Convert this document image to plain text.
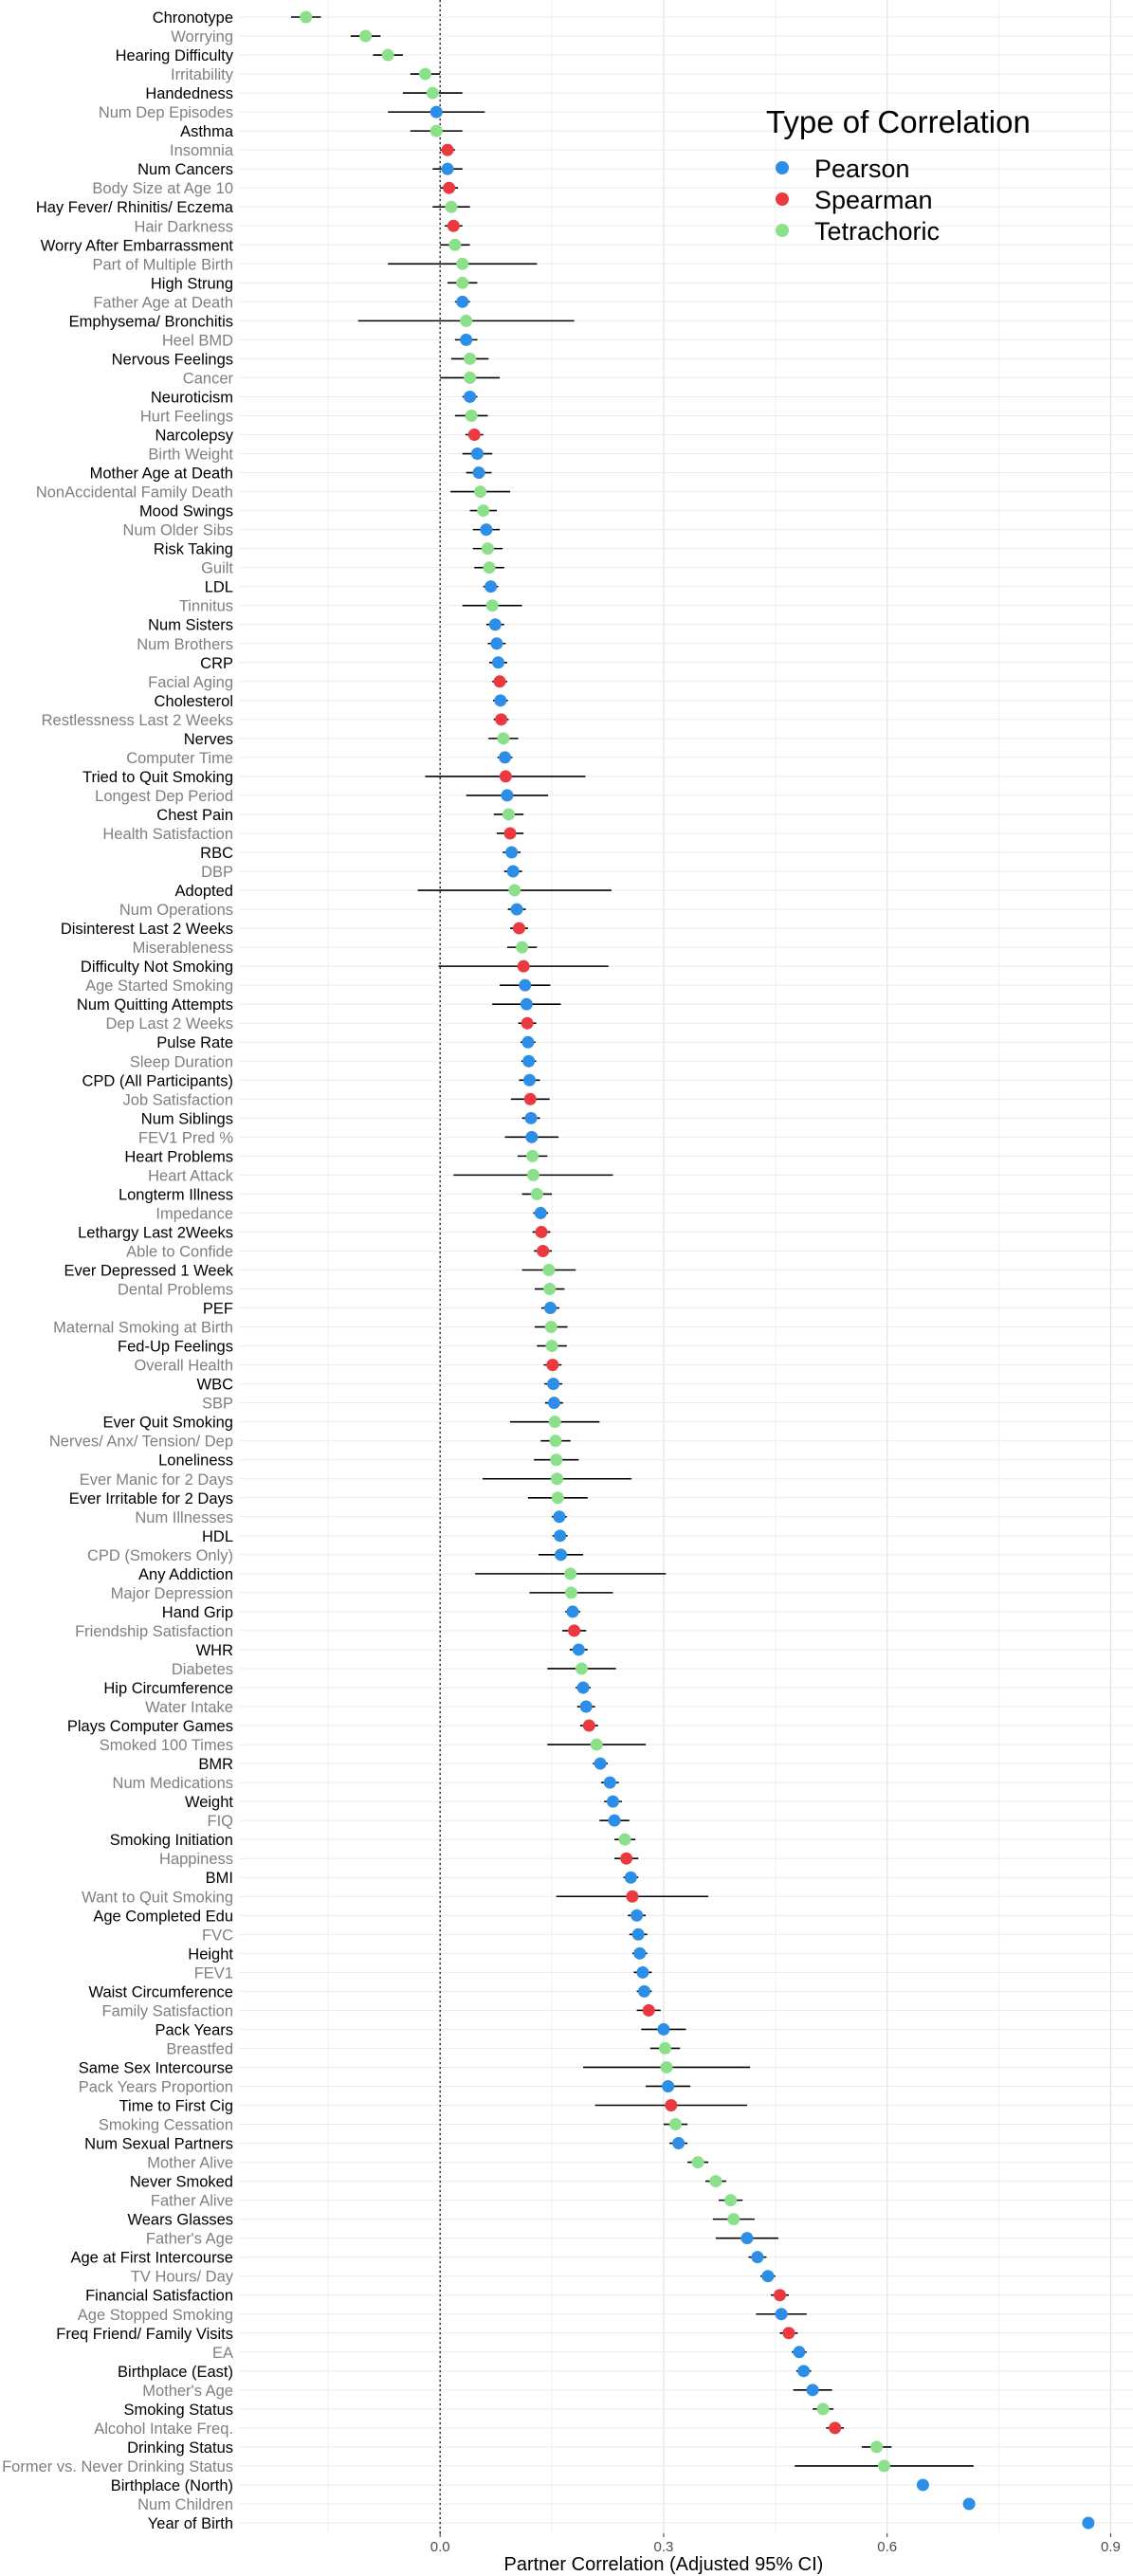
Chronotype
Worrying
Hearing Difficulty
Irritability
Handedness
Num Dep Episodes
Asthma
Insomnia
Num Cancers
Body Size at Age 10
Hay Fever/ Rhinitis/ Eczema
Hair Darkness
Worry After Embarrassment
Part of Multiple Birth
High Strung
Father Age at Death
Emphysema/ Bronchitis
Heel BMD
Nervous Feelings
Cancer
Neuroticism
Hurt Feelings
Narcolepsy
Birth Weight
Mother Age at Death
NonAccidental Family Death
Mood Swings
Num Older Sibs
Risk Taking
Guilt
LDL
Tinnitus
Num Sisters
Num Brothers
CRP
Facial Aging
Cholesterol
Restlessness Last 2 Weeks
Nerves
Computer Time
Tried to Quit Smoking
Longest Dep Period
Chest Pain
Health Satisfaction
RBC
DBP
Adopted
Num Operations
Disinterest Last 2 Weeks
Miserableness
Difficulty Not Smoking
Age Started Smoking
Num Quitting Attempts
Dep Last 2 Weeks
Pulse Rate
Sleep Duration
CPD (All Participants)
Job Satisfaction
Num Siblings
FEV1 Pred %
Heart Problems
Heart Attack
Longterm Illness
Impedance
Lethargy Last 2Weeks
Able to Confide
Ever Depressed 1 Week
Dental Problems
PEF
Maternal Smoking at Birth
Fed-Up Feelings
Overall Health
WBC
SBP
Ever Quit Smoking
Nerves/ Anx/ Tension/ Dep
Loneliness
Ever Manic for 2 Days
Ever Irritable for 2 Days
Num Illnesses
HDL
CPD (Smokers Only)
Any Addiction
Major Depression
Hand Grip
Friendship Satisfaction
WHR
Diabetes
Hip Circumference
Water Intake
Plays Computer Games
Smoked 100 Times
BMR
Num Medications
Weight
FIQ
Smoking Initiation
Happiness
BMI
Want to Quit Smoking
Age Completed Edu
FVC
Height
FEV1
Waist Circumference
Family Satisfaction
Pack Years
Breastfed
Same Sex Intercourse
Pack Years Proportion
Time to First Cig
Smoking Cessation
Num Sexual Partners
Mother Alive
Never Smoked
Father Alive
Wears Glasses
Father's Age
Age at First Intercourse
TV Hours/ Day
Financial Satisfaction
Age Stopped Smoking
Freq Friend/ Family Visits
EA
Birthplace (East)
Mother's Age
Smoking Status
Alcohol Intake Freq.
Drinking Status
Former vs. Never Drinking Status
Birthplace (North)
Num Children
Year of Birth
0.0	0.3	0.6	0.9
Partner Correlation (Adjusted 95% CI)
Type of Correlation
Pearson
Spearman
Tetrachoric
